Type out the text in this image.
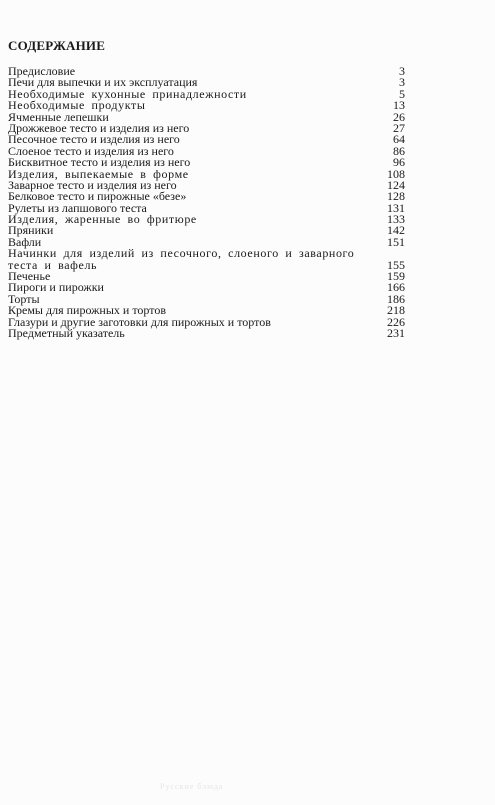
СОДЕРЖАНИЕ
Предисловие	3
Печи для выпечки и их эксплуатация	3
Необходимые кухонные принадлежности	5
Необходимые продукты	13
Ячменные лепешки	26
Дрожжевое тесто и изделия из него	27
Песочное тесто и изделия из него	64
Слоеное тесто и изделия из него	86
Бисквитное тесто и изделия из него	96
Изделия, выпекаемые в форме	108
Заварное тесто и изделия из него	124
Белковое тесто и пирожные «безе»	128
Рулеты из лапшового теста	131
Изделия, жаренные во фритюре	133
Пряники	142
Вафли	151
Начинки для изделий из песочного, слоеного и заварного
теста и вафель	155
Печенье	159
Пироги и пирожки	166
Торты	186
Кремы для пирожных и тортов	218
Глазури и другие заготовки для пирожных и тортов	226
Предметный указатель	231
Русские блюда
